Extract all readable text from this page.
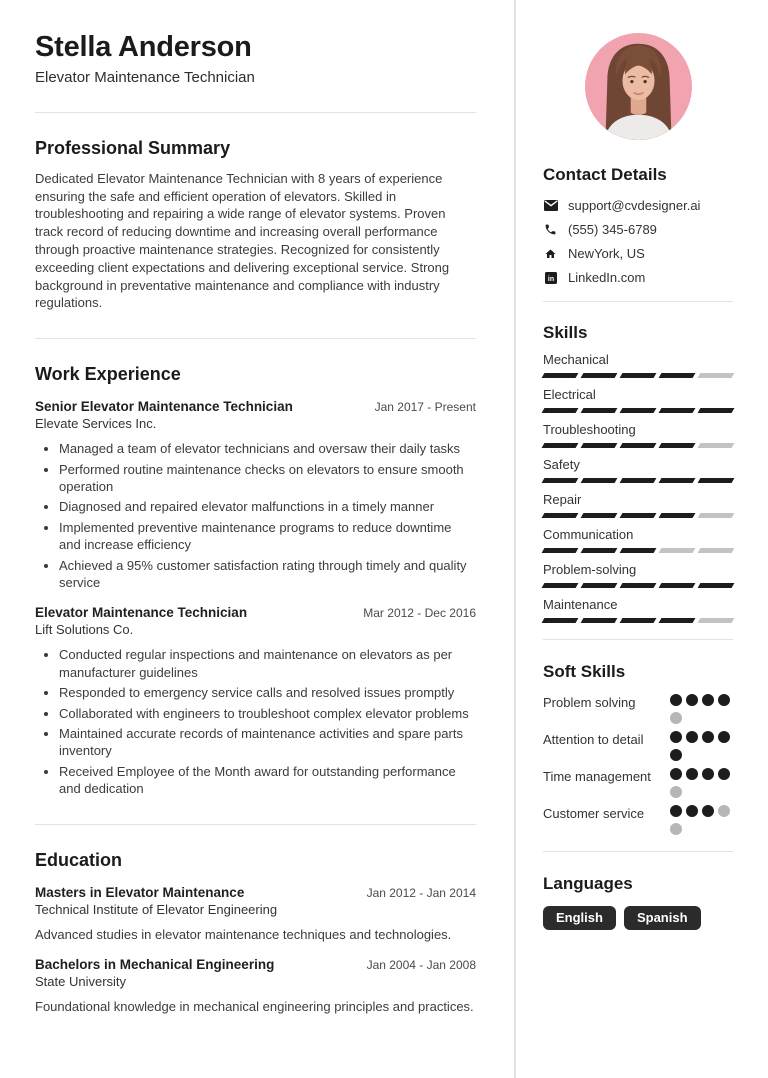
Stella Anderson
Elevator Maintenance Technician
Professional Summary

Dedicated Elevator Maintenance Technician with 8 years of experience ensuring the safe and efficient operation of elevators. Skilled in troubleshooting and repairing a wide range of elevator systems. Proven track record of reducing downtime and increasing overall performance through proactive maintenance strategies. Recognized for consistently exceeding client expectations and delivering exceptional service. Strong background in preventative maintenance and compliance with industry regulations.

Work Experience
Senior Elevator Maintenance Technician	Jan 2017 - Present
Elevate Services Inc.
• Managed a team of elevator technicians and oversaw their daily tasks
• Performed routine maintenance checks on elevators to ensure smooth operation
• Diagnosed and repaired elevator malfunctions in a timely manner
• Implemented preventive maintenance programs to reduce downtime and increase efficiency
• Achieved a 95% customer satisfaction rating through timely and quality service
Elevator Maintenance Technician	Mar 2012 - Dec 2016
Lift Solutions Co.
• Conducted regular inspections and maintenance on elevators as per manufacturer guidelines
• Responded to emergency service calls and resolved issues promptly
• Collaborated with engineers to troubleshoot complex elevator problems
• Maintained accurate records of maintenance activities and spare parts inventory
• Received Employee of the Month award for outstanding performance and dedication
Education
Masters in Elevator Maintenance	Jan 2012 - Jan 2014
Technical Institute of Elevator Engineering
Advanced studies in elevator maintenance techniques and technologies.
Bachelors in Mechanical Engineering	Jan 2004 - Jan 2008
State University
Foundational knowledge in mechanical engineering principles and practices.
Contact Details
support@cvdesigner.ai
(555) 345-6789
NewYork, US
in LinkedIn.com
Skills
Mechanical
Electrical
Troubleshooting
Safety
Repair
Communication
Problem-solving
Maintenance
Soft Skills
Problem solving
Attention to detail
Time management
Customer service
Languages
English	Spanish
